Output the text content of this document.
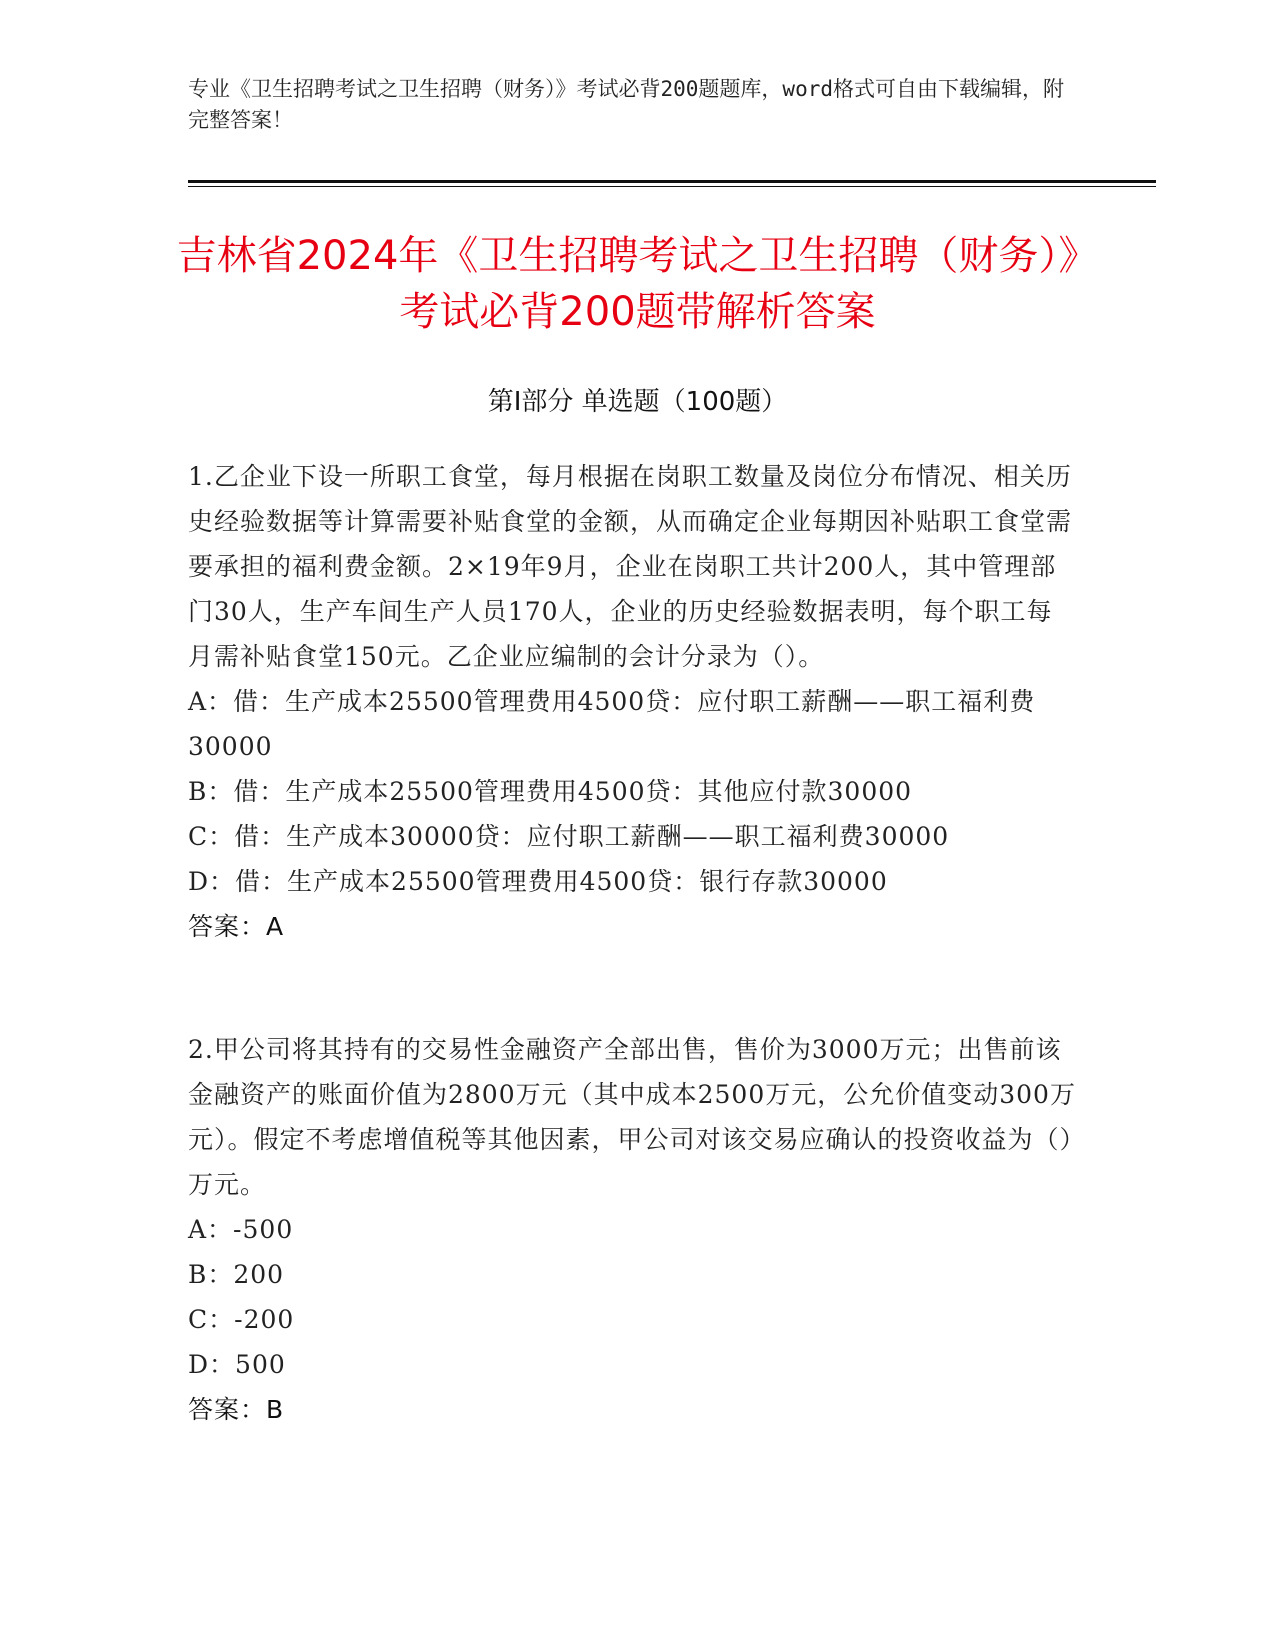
专业《卫生招聘考试之卫生招聘（财务）》考试必背200题题库，word格式可自由下载编辑，附完整答案！
吉林省2024年《卫生招聘考试之卫生招聘（财务）》考试必背200题带解析答案
第I部分 单选题（100题）
1.乙企业下设一所职工食堂，每月根据在岗职工数量及岗位分布情况、相关历史经验数据等计算需要补贴食堂的金额，从而确定企业每期因补贴职工食堂需要承担的福利费金额。2×19年9月，企业在岗职工共计200人，其中管理部门30人，生产车间生产人员170人，企业的历史经验数据表明，每个职工每月需补贴食堂150元。乙企业应编制的会计分录为（）。
A：借：生产成本25500管理费用4500贷：应付职工薪酬——职工福利费30000
B：借：生产成本25500管理费用4500贷：其他应付款30000
C：借：生产成本30000贷：应付职工薪酬——职工福利费30000
D：借：生产成本25500管理费用4500贷：银行存款30000
答案：A
2.甲公司将其持有的交易性金融资产全部出售，售价为3000万元；出售前该金融资产的账面价值为2800万元（其中成本2500万元，公允价值变动300万元）。假定不考虑增值税等其他因素，甲公司对该交易应确认的投资收益为（）万元。
A：-500
B：200
C：-200
D：500
答案：B
